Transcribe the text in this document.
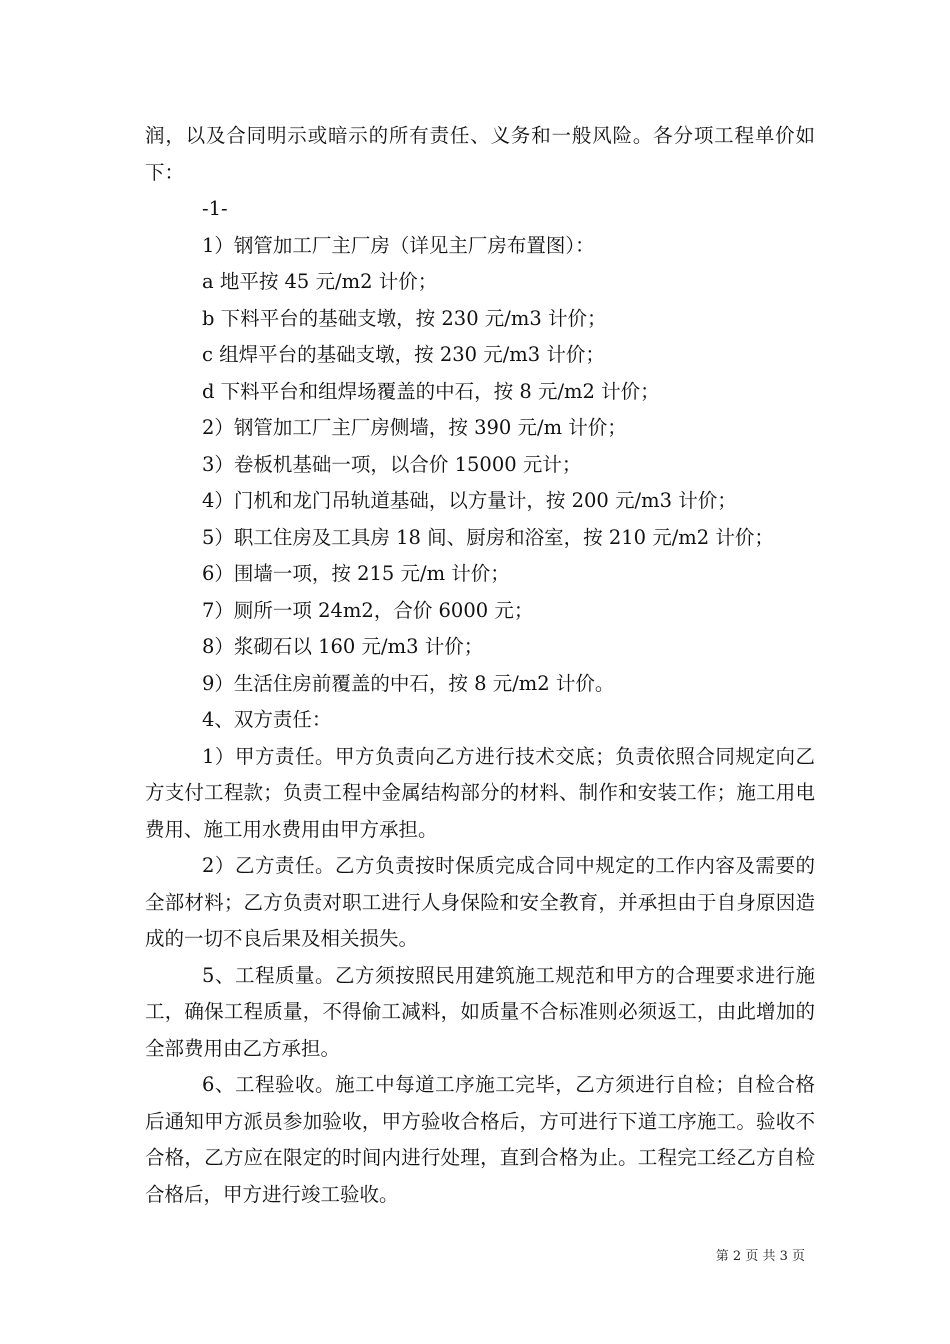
润，以及合同明示或暗示的所有责任、义务和一般风险。各分项工程单价如下：

-1-

1）钢管加工厂主厂房（详见主厂房布置图）：

a 地平按 45 元/m2 计价；

b 下料平台的基础支墩，按 230 元/m3 计价；

c 组焊平台的基础支墩，按 230 元/m3 计价；

d 下料平台和组焊场覆盖的中石，按 8 元/m2 计价；

2）钢管加工厂主厂房侧墙，按 390 元/m 计价；

3）卷板机基础一项，以合价 15000 元计；

4）门机和龙门吊轨道基础，以方量计，按 200 元/m3 计价；

5）职工住房及工具房 18 间、厨房和浴室，按 210 元/m2 计价；

6）围墙一项，按 215 元/m 计价；

7）厕所一项 24m2，合价 6000 元；

8）浆砌石以 160 元/m3 计价；

9）生活住房前覆盖的中石，按 8 元/m2 计价。

4、双方责任：

1）甲方责任。甲方负责向乙方进行技术交底；负责依照合同规定向乙方支付工程款；负责工程中金属结构部分的材料、制作和安装工作；施工用电费用、施工用水费用由甲方承担。

2）乙方责任。乙方负责按时保质完成合同中规定的工作内容及需要的全部材料；乙方负责对职工进行人身保险和安全教育，并承担由于自身原因造成的一切不良后果及相关损失。

5、工程质量。乙方须按照民用建筑施工规范和甲方的合理要求进行施工，确保工程质量，不得偷工减料，如质量不合标准则必须返工，由此增加的全部费用由乙方承担。

6、工程验收。施工中每道工序施工完毕，乙方须进行自检；自检合格后通知甲方派员参加验收，甲方验收合格后，方可进行下道工序施工。验收不合格，乙方应在限定的时间内进行处理，直到合格为止。工程完工经乙方自检合格后，甲方进行竣工验收。

第 2 页 共 3 页
